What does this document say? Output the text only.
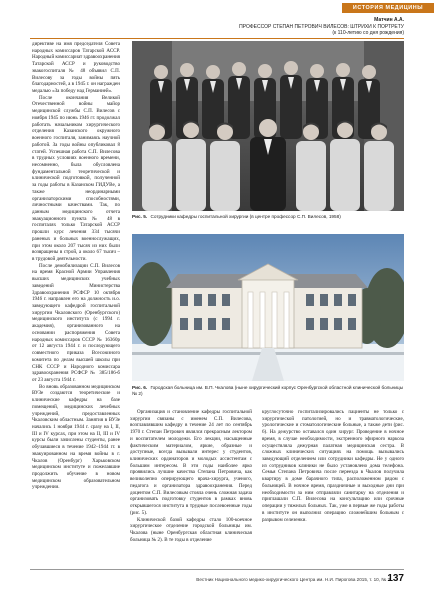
ИСТОРИЯ МЕДИЦИНЫ
Матчин А.А.
ПРОФЕССОР СТЕПАН ПЕТРОВИЧ ВИЛЕСОВ: ШТРИХИ К ПОРТРЕТУ
(к 110-летию со дня рождения)

директиве на имя председателя Совета народных комиссаров Татарской АССР. Народный комиссариат здравоохранения Татарской АССР и руководство эвакогоспиталя № 48 объявил С.П. Вилесову за годы войны пять благодарностей, а в 1945 г. он награжден медалью «За победу над Германией».

После окончания Великой Отечественной войны майор медицинской службы С.П. Вилесов с ноября 1945 по июнь 1946 гг. продолжал работать начальником хирургического отделения Казанского окружного военного госпиталя, занимаясь научной работой. За годы войны опубликовал 8 статей. Успешная работа С.П. Вилесова в трудных условиях военного времени, несомненно, была обусловлена фундаментальной теоретической и клинической подготовкой, полученной за годы работы в Казанском ГИДУВе, а также неординарными организаторскими способностями, личностными качествами. Так, по данным медицинского отчета эвакуационного пункта № 48 в госпиталях только Татарской АССР прошли курс лечения 334 тысячи раненых и больных военнослужащих, при этом около 207 тысяч из них были возвращены в строй, а около 67 тысяч – в трудовой деятельности.

После демобилизации С.П. Вилесов на время Красной Армии Управления высших медицинских учебных заведений Министерства Здравоохранения РСФСР 10 октября 1946 г. направлен его на должность и.о. заведующего кафедрой госпитальной хирургии Чкаловского (Оренбургского) медицинского института (с 1994 г. академия), организованного на основании распоряжения Совета народных комиссаров СССР № 16360р от 12 августа 1944 г. и последующего совместного приказа Всесоюзного комитета по делам высшей школы при СНК СССР и Народного комиссара здравоохранения РСФСР № 385/186-б от 23 августа 1944 г.

Во вновь образованном медицинском ВУЗе создаются теоретические и клинические кафедры на базе помещений, медицинских лечебных учреждений, предоставленных Чкаловским областным. Занятия в ВУЗе начались 1 ноября 1944 г. сразу на I, II, III и IV курсах, при этом на II, III и IV курсы были зачислены студенты, ранее обучавшиеся в течение 1942–1944 гг. в эвакуированном на время войны в г. Чкалов (Оренбург) Харьковском медицинском институте и пожелавшие продолжить обучение в новом медицинском образовательном учреждении.

Рис. 5. Сотрудники кафедры госпитальной хирургии (в центре профессор С.П. Вилесов, 1958)
Рис. 6. Городская больница им. В.П. Чкалова (ныне хирургический корпус Оренбургской областной клинической больницы № 2)

Организация и становление кафедры госпитальной хирургии связаны с именем С.П. Вилесова, возглавлявшим кафедру в течение 24 лет по сентябрь 1970 г. Степан Петрович являлся прекрасным лектором и воспитателем молодежи. Его лекции, насыщенные фактическим материалом, яркие, образные и доступные, всегда вызывали интерес у студентов, клинических ординаторов и молодых ассистентам с большим интересом. В эти годы наиболее ярко проявились лучшие качества Степана Петровича, как великолепно оперирующего врача-хирурга, ученого, педагога и организатора здравоохранения. Перед доцентом С.П. Вилесовым стояла очень сложная задача организовать подготовку студентов в рамках вновь открывшегося института в трудные послевоенные годы (рис. 5).

Клинической базой кафедры стало 100-коечное хирургическое отделение городской больницы им. Чкалова (ныне Оренбургская областная клиническая больница № 2). В те годы в отделение

круглосуточно госпитализировались пациенты не только с хирургической патологией, но и травматологические, урологические и стоматологические больные, а также дети (рис. 6). На дежурство оставался один хирург. Проведение в ночное время, в случае необходимости, экстренного эфирного наркоза осуществляла дежурная палатная медицинская сестра. В сложных клинических ситуациях на помощь вызывались заведующий отделением или сотрудники кафедры. Не у одного из сотрудников клиники не было установлено дома телефона. Семья Степана Петровича после переезда в Чкалов получила квартиру в доме барачного типа, расположенном рядом с больницей. В ночное время, праздничные и выходные дни при необходимости за ним отправляли санитарку на отделения и приглашали С.П. Вилесова на консультацию или срочные операции у тяжелых больных. Так, уже в первые же годы работы в институте он выполнил операцию сложнейшим больным с разрывом селезенки.

Вестник Национального медико-хирургического Центра им. Н.И. Пирогова 2015, т. 10, № 3
137
